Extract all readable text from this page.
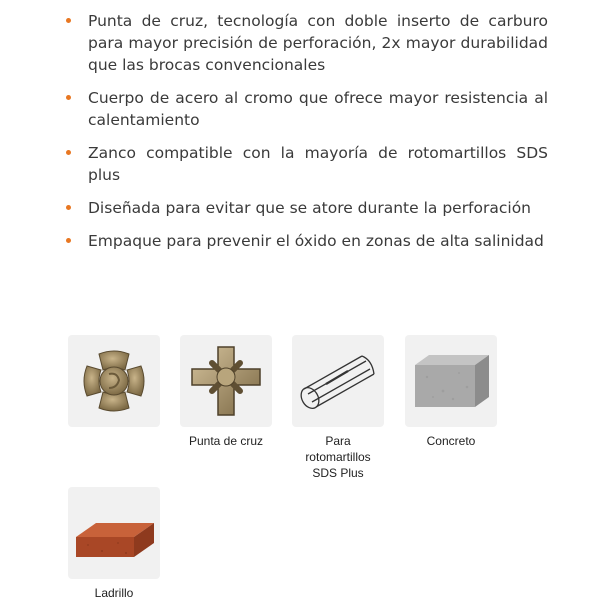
Punta de cruz, tecnología con doble inserto de carburo para mayor precisión de perforación, 2x mayor durabilidad que las brocas convencionales
Cuerpo de acero al cromo que ofrece mayor resistencia al calentamiento
Zanco compatible con la mayoría de rotomartillos SDS plus
Diseñada para evitar que se atore durante la perforación
Empaque para prevenir el óxido en zonas de alta salinidad
Punta de cruz	Para rotomartillos SDS Plus
Concreto
Ladrillo
